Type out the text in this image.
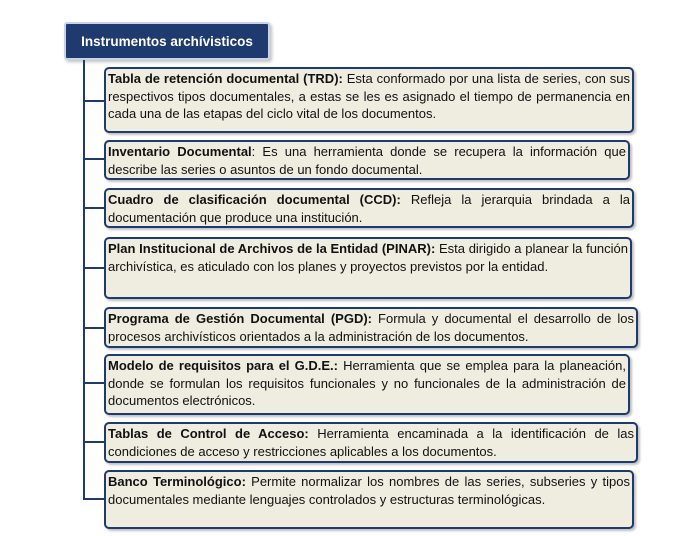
Instrumentos archívisticos
Tabla de retención documental (TRD): Esta conformado por una lista de series, con sus respectivos tipos documentales, a estas se les es asignado el tiempo de permanencia en cada una de las etapas del ciclo vital de los documentos.
Inventario Documental: Es una herramienta donde se recupera la información que describe las series o asuntos de un fondo documental.
Cuadro de clasificación documental (CCD): Refleja la jerarquia brindada a la documentación que produce una institución.
Plan Institucional de Archivos de la Entidad (PINAR): Esta dirigido a planear la función archivística, es aticulado con los planes y proyectos previstos por la entidad.
Programa de Gestión Documental (PGD): Formula y documental el desarrollo de los procesos archivísticos orientados a la administración de los documentos.
Modelo de requisitos para el G.D.E.: Herramienta que se emplea para la planeación, donde se formulan los requisitos funcionales y no funcionales de la administración de documentos electrónicos.
Tablas de Control de Acceso: Herramienta encaminada a la identificación de las condiciones de acceso y restricciones aplicables a los documentos.
Banco Terminológico: Permite normalizar los nombres de las series, subseries y tipos documentales mediante lenguajes controlados y estructuras terminológicas.
